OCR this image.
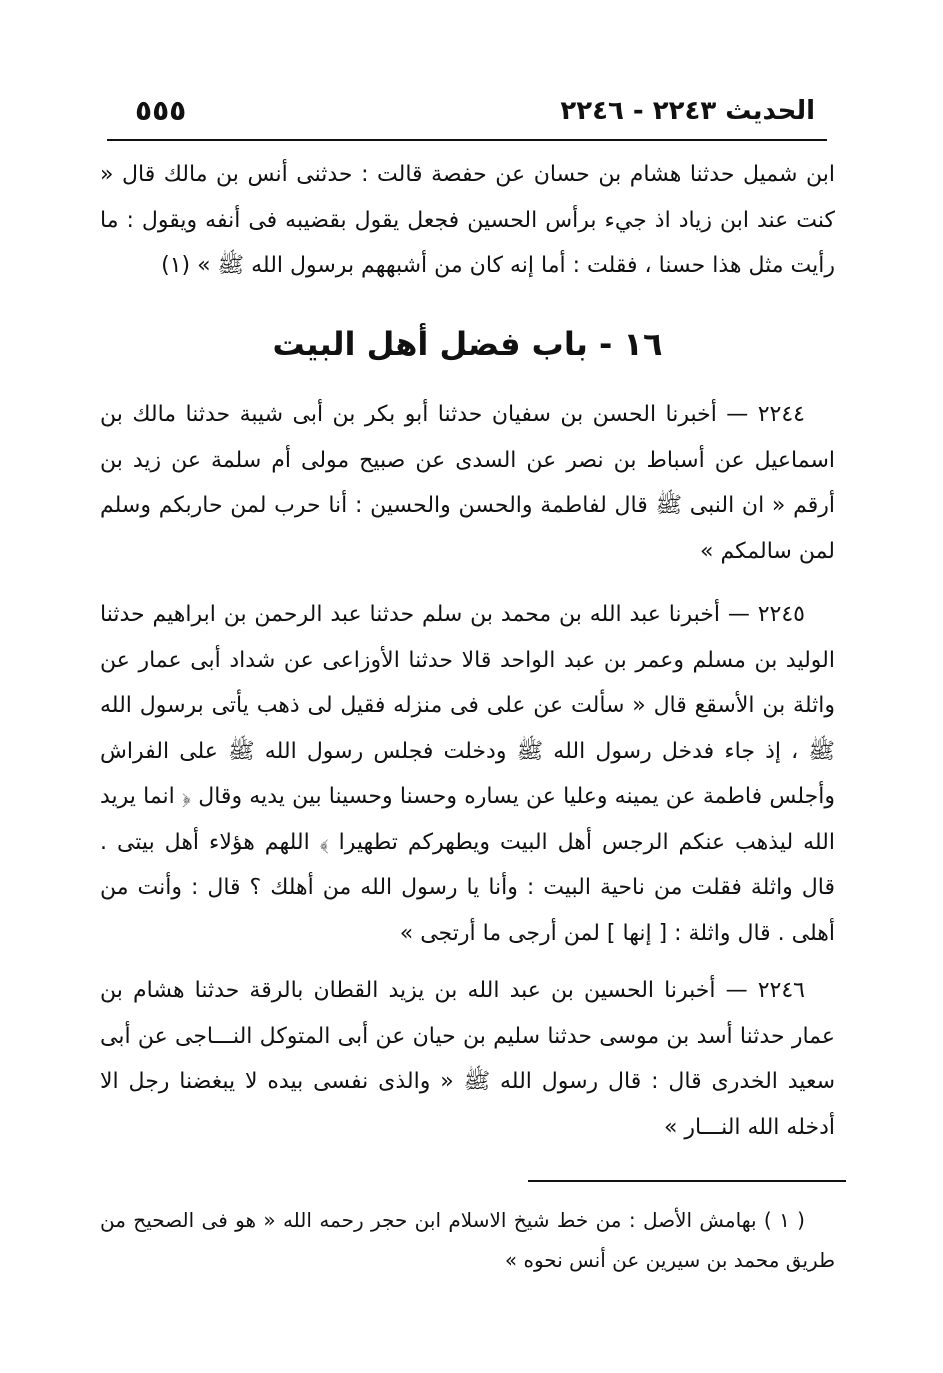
الحديث ٢٢٤٣ - ٢٢٤٦
٥٥٥

ابن شميل حدثنا هشام بن حسان عن حفصة قالت : حدثنى أنس بن مالك قال « كنت عند ابن زياد اذ جيء برأس الحسين فجعل يقول بقضيبه فى أنفه ويقول : ما رأيت مثل هذا حسنا ، فقلت : أما إنه كان من أشبههم برسول الله ﷺ » (١)

١٦ - باب فضل أهل البيت

٢٢٤٤ — أخبرنا الحسن بن سفيان حدثنا أبو بكر بن أبى شيبة حدثنا مالك بن اسماعيل عن أسباط بن نصر عن السدى عن صبيح مولى أم سلمة عن زيد بن أرقم « ان النبى ﷺ قال لفاطمة والحسن والحسين : أنا حرب لمن حاربكم وسلم لمن سالمكم »

٢٢٤٥ — أخبرنا عبد الله بن محمد بن سلم حدثنا عبد الرحمن بن ابراهيم حدثنا الوليد بن مسلم وعمر بن عبد الواحد قالا حدثنا الأوزاعى عن شداد أبى عمار عن واثلة بن الأسقع قال « سألت عن على فى منزله فقيل لى ذهب يأتى برسول الله ﷺ ، إذ جاء فدخل رسول الله ﷺ ودخلت فجلس رسول الله ﷺ على الفراش وأجلس فاطمة عن يمينه وعليا عن يساره وحسنا وحسينا بين يديه وقال ﴿ انما يريد الله ليذهب عنكم الرجس أهل البيت ويطهركم تطهيرا ﴾ اللهم هؤلاء أهل بيتى . قال واثلة فقلت من ناحية البيت : وأنا يا رسول الله من أهلك ؟ قال : وأنت من أهلى . قال واثلة : [ إنها ] لمن أرجى ما أرتجى »

٢٢٤٦ — أخبرنا الحسين بن عبد الله بن يزيد القطان بالرقة حدثنا هشام بن عمار حدثنا أسد بن موسى حدثنا سليم بن حيان عن أبى المتوكل النـــاجى عن أبى سعيد الخدرى قال : قال رسول الله ﷺ « والذى نفسى بيده لا يبغضنا رجل الا أدخله الله النـــار »

( ١ ) بهامش الأصل : من خط شيخ الاسلام ابن حجر رحمه الله « هو فى الصحيح من طريق محمد بن سيرين عن أنس نحوه »
